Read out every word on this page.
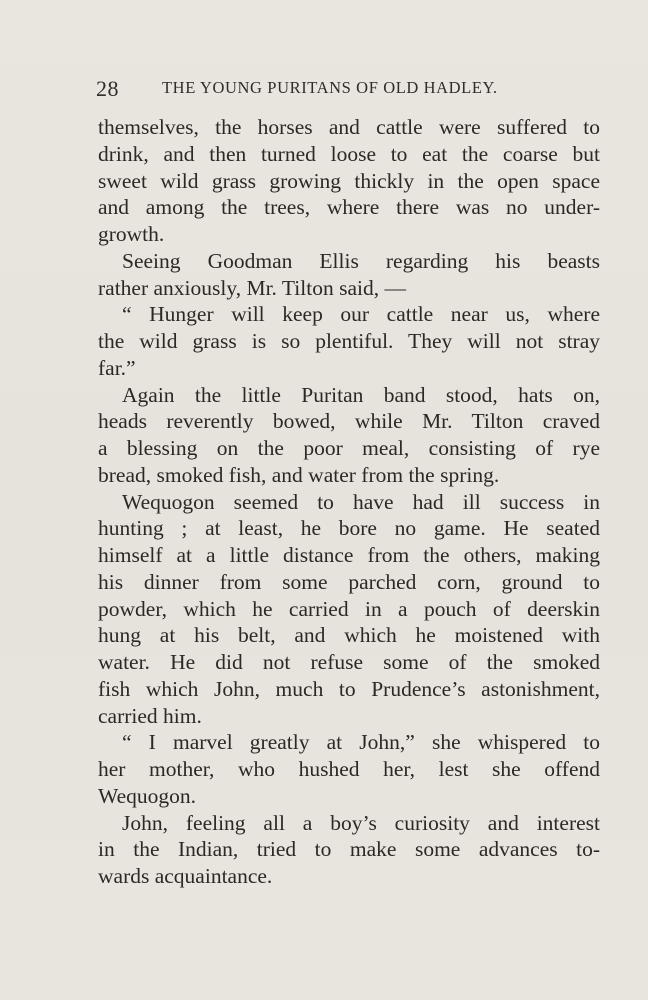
28	THE YOUNG PURITANS OF OLD HADLEY.
themselves, the horses and cattle were suffered to
drink, and then turned loose to eat the coarse but
sweet wild grass growing thickly in the open space
and among the trees, where there was no under-
growth.
Seeing Goodman Ellis regarding his beasts
rather anxiously, Mr. Tilton said, —
“ Hunger will keep our cattle near us, where
the wild grass is so plentiful. They will not stray
far.”
Again the little Puritan band stood, hats on,
heads reverently bowed, while Mr. Tilton craved
a blessing on the poor meal, consisting of rye
bread, smoked fish, and water from the spring.
Wequogon seemed to have had ill success in
hunting ; at least, he bore no game. He seated
himself at a little distance from the others, making
his dinner from some parched corn, ground to
powder, which he carried in a pouch of deerskin
hung at his belt, and which he moistened with
water. He did not refuse some of the smoked
fish which John, much to Prudence’s astonishment,
carried him.
“ I marvel greatly at John,” she whispered to
her mother, who hushed her, lest she offend
Wequogon.
John, feeling all a boy’s curiosity and interest
in the Indian, tried to make some advances to-
wards acquaintance.
